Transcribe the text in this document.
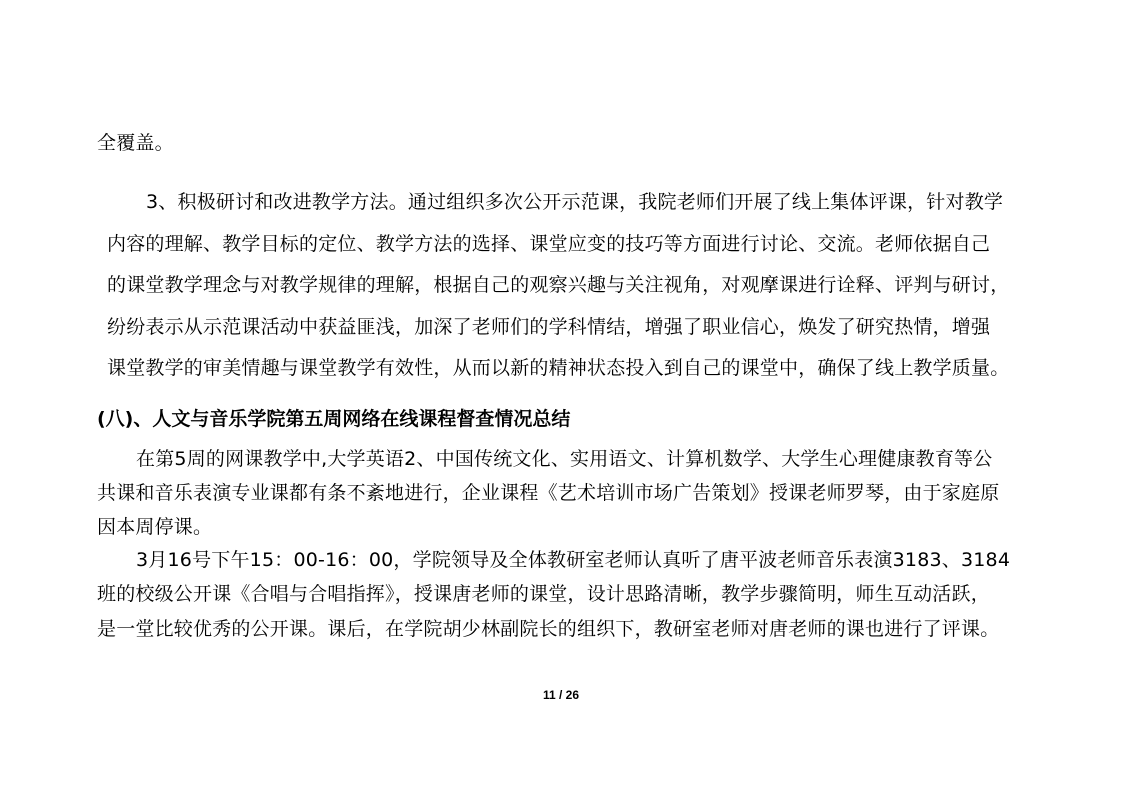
全覆盖。
3、积极研讨和改进教学方法。通过组织多次公开示范课，我院老师们开展了线上集体评课，针对教学
内容的理解、教学目标的定位、教学方法的选择、课堂应变的技巧等方面进行讨论、交流。老师依据自己
的课堂教学理念与对教学规律的理解，根据自己的观察兴趣与关注视角，对观摩课进行诠释、评判与研讨，
纷纷表示从示范课活动中获益匪浅，加深了老师们的学科情结，增强了职业信心，焕发了研究热情，增强
课堂教学的审美情趣与课堂教学有效性，从而以新的精神状态投入到自己的课堂中，确保了线上教学质量。
(八)、人文与音乐学院第五周网络在线课程督查情况总结
在第5周的网课教学中,大学英语2、中国传统文化、实用语文、计算机数学、大学生心理健康教育等公
共课和音乐表演专业课都有条不紊地进行，企业课程《艺术培训市场广告策划》授课老师罗琴，由于家庭原
因本周停课。
3月16号下午15：00-16：00，学院领导及全体教研室老师认真听了唐平波老师音乐表演3183、3184
班的校级公开课《合唱与合唱指挥》，授课唐老师的课堂，设计思路清晰，教学步骤简明，师生互动活跃，
是一堂比较优秀的公开课。课后，在学院胡少林副院长的组织下，教研室老师对唐老师的课也进行了评课。
11 / 26
